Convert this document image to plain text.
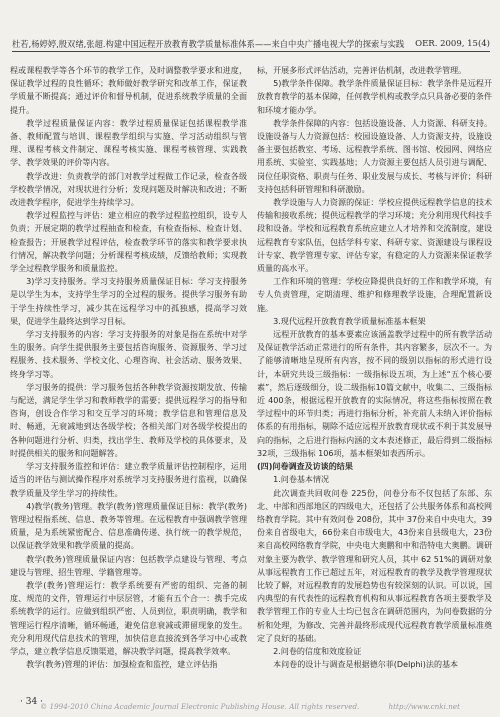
杜若,杨婷婷,殷双绪,张超.构建中国远程开放教育教学质量标准体系——来自中央广播电视大学的探索与实践 OER. 2009, 15(4)

程或课程教学等各个环节的教学工作，及时调整教学要求和进度，保证教学过程的良性循环；教师做好教学研究和改革工作，保证教学质量不断提高；通过评价和督导机制，促进系统教学质量的全面提升。

教学过程质量保证内容：教学过程质量保证包括课程教学准备、教师配置与培训、课程教学组织与实施、学习活动组织与管理、课程考核文件制定、课程考核实施、课程考核管理、实践教学、教学效果的评价等内容。

教学改进：负责教学的部门对教学过程做工作记录，检查各级学校教学情况，对现状进行分析；发现问题及时解决和改进；不断改进教学程序，促进学生持续学习。

教学过程监控与评估：建立相应的教学过程监控组织，设专人负责；开展定期的教学过程抽查和检查，有检查指标、检查计划、检查报告；开展教学过程评估，检查教学环节的落实和教学要求执行情况，解决教学问题；分析课程考核成绩，反馈给教师；实现教学全过程教学服务和质量监控。

3)学习支持服务。学习支持服务质量保证目标：学习支持服务是以学生为本，支持学生学习的全过程的服务。提供学习服务有助于学生持续性学习，减少其在远程学习中的孤独感，提高学习效果，促进学生最终达到学习目标。

学习支持服务的内容：学习支持服务的对象是指在系统中对学生的服务。向学生提供服务主要包括咨询服务、资源服务、学习过程服务、技术服务、学校文化、心理咨询、社会活动、服务效果、终身学习等。

学习服务的提供：学习服务包括各种教学资源按期发放、传输与配送，满足学生学习和教师教学的需要；提供远程学习的指导和咨询，创设合作学习和交互学习的环境；教学信息和管理信息及时、畅通，无衰减地到达各级学校；各相关部门对各级学校提出的各种问题进行分析、归类，找出学生、教师及学校的具体要求，及时提供相关的服务和问题解答。

学习支持服务监控和评估：建立教学质量评估控制程序，运用适当的评估与测试操作程序对系统学习支持服务进行监视，以确保教学质量及学生学习的持续性。

4)教学(教务)管理。教学(教务)管理质量保证目标：教学(教务)管理过程指系统、信息、教务等管理。在远程教育中强调教学管理质量，是为系统紧密配合、信息准确传递、执行统一的教学规范，以保证教学效果和教学质量的提高。

教学(教务)管理质量保证内容：包括教学点建设与管理、考点建设与管理、招生管理、学籍管理等。

教学(教务)管理运行：教学系统要有严密的组织、完备的制度、规范的文件，管理运行中层层管，才能有五个合一：携手完成系统教学的运行。应做到组织严密、人员到位，职责明确，教学和管理运行程序清晰，循环畅通，避免信息衰减或滞留现象的发生。充分利用现代信息技术的管理，加快信息直接流到各学习中心或教学点，建立教学信息反馈渠道，解决教学问题，提高教学效率。

教学(教务)管理的评估：加强检查和监控，建立评估指

标，开展多形式评估活动，完善评估机制，改进教学管理。

5)教学条件保障。教学条件质量保证目标：教学条件是远程开放教育教学的基本保障，任何教学机构或教学点只具备必要的条件和环境才能办学。

教学条件保障的内容：包括设施设备、人力资源、科研支持。设施设备与人力资源包括：校园设施设备、人力资源支持，设施设备主要包括教室、考场、远程教学系统、图书馆、校园网、网络应用系统、实验室、实践基地；人力资源主要包括人员引进与调配、岗位任职资格、职责与任务、职业发展与成长、考核与评价；科研支持包括科研管理和科研激励。

教学设施与人力资源的保证：学校应提供远程教学信息的技术传输和接收系统；提供远程教学的学习环境；充分利用现代科技手段和设备。学校和远程教育系统应建立人才培养和交流制度，建设远程教育专家队伍，包括学科专家、科研专家、资源建设与课程设计专家、教学管理专家、评估专家，有稳定的人力资源来保证教学质量的高水平。

工作和环境的管理：学校应降提供良好的工作和教学环境，有专人负责管理，定期清理、维护和修理教学设施，合理配置新设施。

3.现代远程开放教育教学质量标准基本框架

远程开放教育的基本要素应该涵盖教学过程中的所有教学活动及保证教学活动正常进行的所有条件，其内容繁多，层次不一。为了能够清晰地呈现所有内容，按不同的级别以指标的形式进行设计，本研究共设三级指标：一级指标设五项，为上述“五个核心要素”，然后逐级细分，设二级指标10篇文献中，收集二、三级指标近 400条，根据远程开放教育的实际情况，将这些指标按照在教学过程中的环节归类；再进行指标分析，补充前人未纳入评价指标体系的有用指标，剔除不适应远程开放教育现状或不利于其发展导向的指标，之后进行指标内涵的文本表述修正，最后得到二级指标 32项，三级指标 106项，基本框架如表西所示。

(四)问卷调查及访谈的结果

1.问卷基本情况

此次调查共回收问卷 225份，问卷分布不仅包括了东部、东北、中部和西部地区的四级电大，还包括了公共服务体系和高校网络教育学院。其中有效问卷 208份，其中 37份来自中央电大，39份来自省级电大，66份来自市级电大，43份来自县级电大，23份来自高校网络教育学院，中央电大奥鹏和中和浩特电大奥鹏。调研对象主要为教学、教学管理和研究人员，其中 62 51%的调研对象从事远程教育工作已超过五年，对远程教育的教学及教学管理现状比较了解，对远程教育的发展趋势也有较深刻的认识。可以说，国内典型的有代表性的远程教育机构和从事远程教育各项主要教学及教学管理工作的专业人士均已包含在调研范围内，为问卷数据的分析和处理，为修改、完善并最终形成现代远程教育教学质量标准奠定了良好的基础。

2.问卷的信度和效度验证

本问卷的设计与调查是根据德尔菲(Delphi)法的基本

· 34 ·
© 1994-2010 China Academic Journal Electronic Publishing House. All rights reserved.	http://www.cnki.net
